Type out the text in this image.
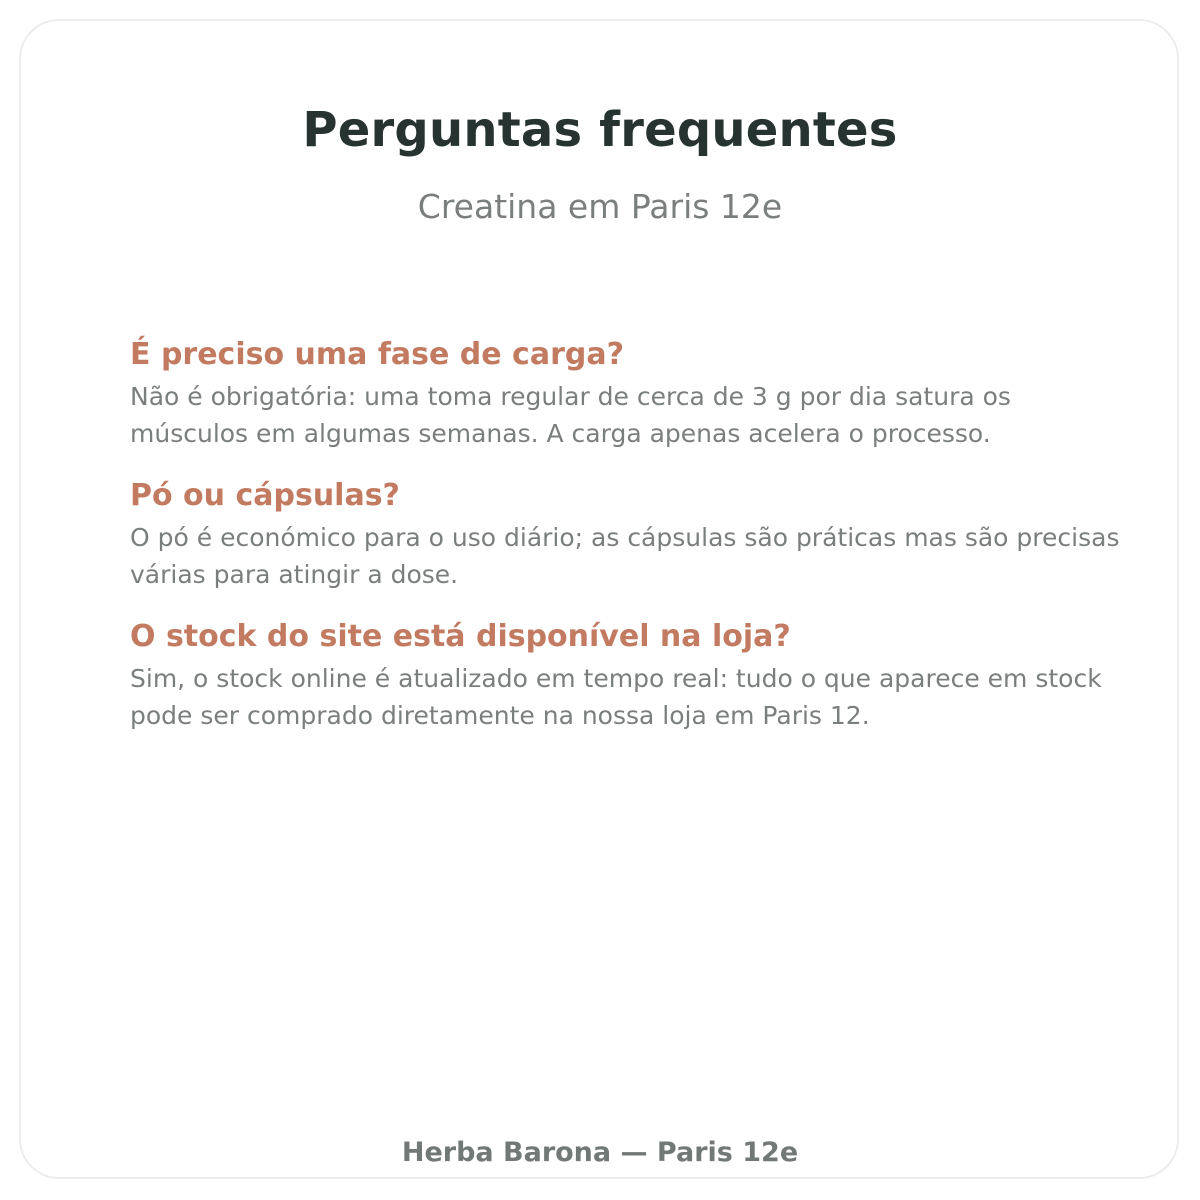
Perguntas frequentes
Creatina em Paris 12e
É preciso uma fase de carga?
Não é obrigatória: uma toma regular de cerca de 3 g por dia satura os
músculos em algumas semanas. A carga apenas acelera o processo.
Pó ou cápsulas?
O pó é económico para o uso diário; as cápsulas são práticas mas são precisas
várias para atingir a dose.
O stock do site está disponível na loja?
Sim, o stock online é atualizado em tempo real: tudo o que aparece em stock
pode ser comprado diretamente na nossa loja em Paris 12.
Herba Barona — Paris 12e
